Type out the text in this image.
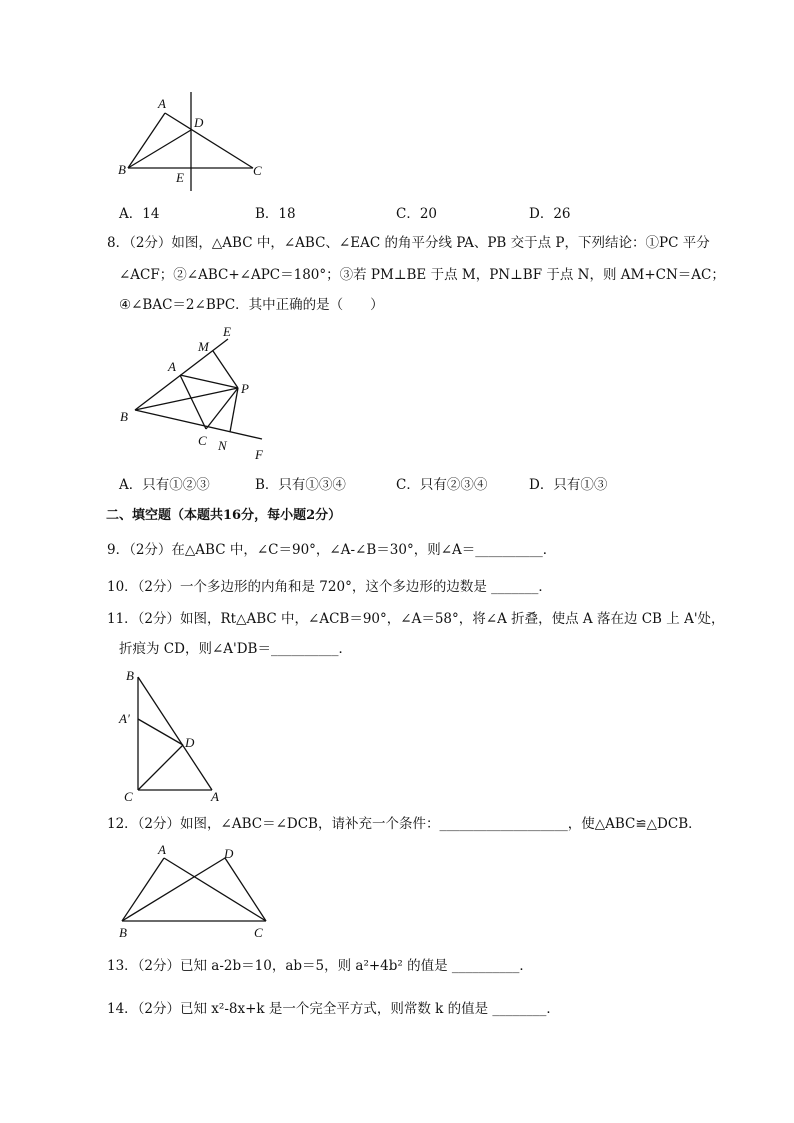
A
B	C
D
E
A．14	B．18	C．20	D．26
8．（2分）如图，△ABC 中，∠ABC、∠EAC 的角平分线 PA、PB 交于点 P，下列结论：①PC 平分
∠ACF；②∠ABC+∠APC＝180°；③若 PM⊥BE 于点 M，PN⊥BF 于点 N，则 AM+CN＝AC；
④∠BAC＝2∠BPC．其中正确的是（　　）
E
M
A
P
B
C N
F
A．只有①②③	B．只有①③④	C．只有②③④	D．只有①③
二、填空题（本题共16分，每小题2分）
9．（2分）在△ABC 中，∠C＝90°，∠A-∠B＝30°，则∠A＝__________．
10．（2分）一个多边形的内角和是 720°，这个多边形的边数是 _______．
11．（2分）如图，Rt△ABC 中，∠ACB＝90°，∠A＝58°，将∠A 折叠，使点 A 落在边 CB 上 A'处，
折痕为 CD，则∠A'DB＝__________．
B
A′
D
C	A
12．（2分）如图，∠ABC＝∠DCB，请补充一个条件：___________________，使△ABC≌△DCB．
A	D
B	C
13．（2分）已知 a-2b＝10，ab＝5，则 a²+4b² 的值是 __________．
14．（2分）已知 x²-8x+k 是一个完全平方式，则常数 k 的值是 ________．
